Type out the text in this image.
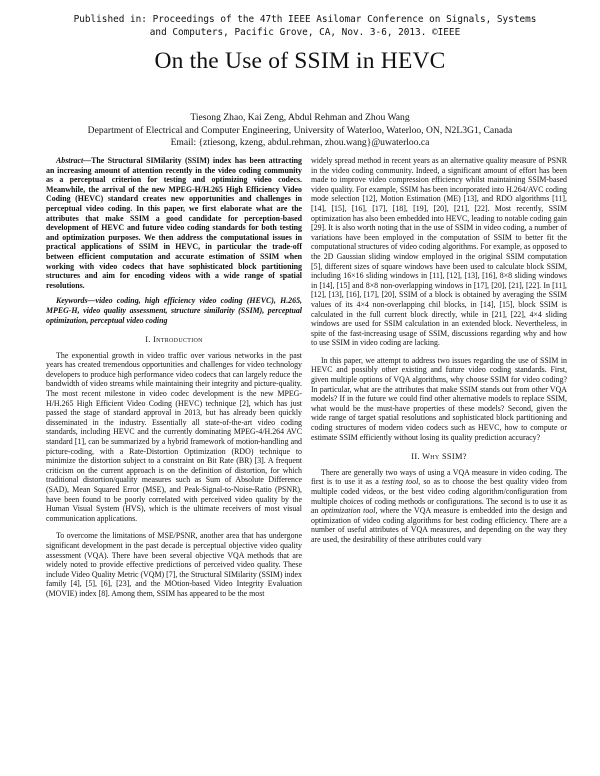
Published in: Proceedings of the 47th IEEE Asilomar Conference on Signals, Systems
and Computers, Pacific Grove, CA, Nov. 3-6, 2013. ©IEEE
On the Use of SSIM in HEVC
Tiesong Zhao, Kai Zeng, Abdul Rehman and Zhou Wang
Department of Electrical and Computer Engineering, University of Waterloo, Waterloo, ON, N2L3G1, Canada
Email: {ztiesong, kzeng, abdul.rehman, zhou.wang}@uwaterloo.ca

Abstract—The Structural SIMilarity (SSIM) index has been attracting an increasing amount of attention recently in the video coding community as a perceptual criterion for testing and optimizing video codecs. Meanwhile, the arrival of the new MPEG-H/H.265 High Efficiency Video Coding (HEVC) standard creates new opportunities and challenges in perceptual video coding. In this paper, we first elaborate what are the attributes that make SSIM a good candidate for perception-based development of HEVC and future video coding standards for both testing and optimization purposes. We then address the computational issues in practical applications of SSIM in HEVC, in particular the trade-off between efficient computation and accurate estimation of SSIM when working with video codecs that have sophisticated block partitioning structures and aim for encoding videos with a wide range of spatial resolutions.

Keywords—video coding, high efficiency video coding (HEVC), H.265, MPEG-H, video quality assessment, structure similarity (SSIM), perceptual optimization, perceptual video coding

I. Introduction

The exponential growth in video traffic over various networks in the past years has created tremendous opportunities and challenges for video technology developers to produce high performance video codecs that can largely reduce the bandwidth of video streams while maintaining their integrity and picture-quality. The most recent milestone in video codec development is the new MPEG-H/H.265 High Efficient Video Coding (HEVC) technique [2], which has just passed the stage of standard approval in 2013, but has already been quickly disseminated in the industry. Essentially all state-of-the-art video coding standards, including HEVC and the currently dominating MPEG-4/H.264 AVC standard [1], can be summarized by a hybrid framework of motion-handling and picture-coding, with a Rate-Distortion Optimization (RDO) technique to minimize the distortion subject to a constraint on Bit Rate (BR) [3]. A frequent criticism on the current approach is on the definition of distortion, for which traditional distortion/quality measures such as Sum of Absolute Difference (SAD), Mean Squared Error (MSE), and Peak-Signal-to-Noise-Ratio (PSNR), have been found to be poorly correlated with perceived video quality by the Human Visual System (HVS), which is the ultimate receivers of most visual communication applications.

To overcome the limitations of MSE/PSNR, another area that has undergone significant development in the past decade is perceptual objective video quality assessment (VQA). There have been several objective VQA methods that are widely noted to provide effective predictions of perceived video quality. These include Video Quality Metric (VQM) [7], the Structural SIMilarity (SSIM) index family [4], [5], [6], [23], and the MOtion-based Video Integrity Evaluation (MOVIE) index [8]. Among them, SSIM has appeared to be the most

widely spread method in recent years as an alternative quality measure of PSNR in the video coding community. Indeed, a significant amount of effort has been made to improve video compression efficiency whilst maintaining SSIM-based video quality. For example, SSIM has been incorporated into H.264/AVC coding mode selection [12], Motion Estimation (ME) [13], and RDO algorithms [11], [14], [15], [16], [17], [18], [19], [20], [21], [22]. Most recently, SSIM optimization has also been embedded into HEVC, leading to notable coding gain [29]. It is also worth noting that in the use of SSIM in video coding, a number of variations have been employed in the computation of SSIM to better fit the computational structures of video coding algorithms. For example, as opposed to the 2D Gaussian sliding window employed in the original SSIM computation [5], different sizes of square windows have been used to calculate block SSIM, including 16×16 sliding windows in [11], [12], [13], [16], 8×8 sliding windows in [14], [15] and 8×8 non-overlapping windows in [17], [20], [21], [22]. In [11], [12], [13], [16], [17], [20], SSIM of a block is obtained by averaging the SSIM values of its 4×4 non-overlapping chil blocks, in [14], [15], block SSIM is calculated in the full current block directly, while in [21], [22], 4×4 sliding windows are used for SSIM calculation in an extended block. Nevertheless, in spite of the fast-increasing usage of SSIM, discussions regarding why and how to use SSIM in video coding are lacking.

In this paper, we attempt to address two issues regarding the use of SSIM in HEVC and possibly other existing and future video coding standards. First, given multiple options of VQA algorithms, why choose SSIM for video coding? In particular, what are the attributes that make SSIM stands out from other VQA models? If in the future we could find other alternative models to replace SSIM, what would be the must-have properties of these models? Second, given the wide range of target spatial resolutions and sophisticated block partitioning and coding structures of modern video codecs such as HEVC, how to compute or estimate SSIM efficiently without losing its quality prediction accuracy?

II. Why SSIM?

There are generally two ways of using a VQA measure in video coding. The first is to use it as a testing tool, so as to choose the best quality video from multiple coded videos, or the best video coding algorithm/configuration from multiple choices of coding methods or configurations. The second is to use it as an optimization tool, where the VQA measure is embedded into the design and optimization of video coding algorithms for best coding efficiency. There are a number of useful attributes of VQA measures, and depending on the way they are used, the desirability of these attributes could vary
